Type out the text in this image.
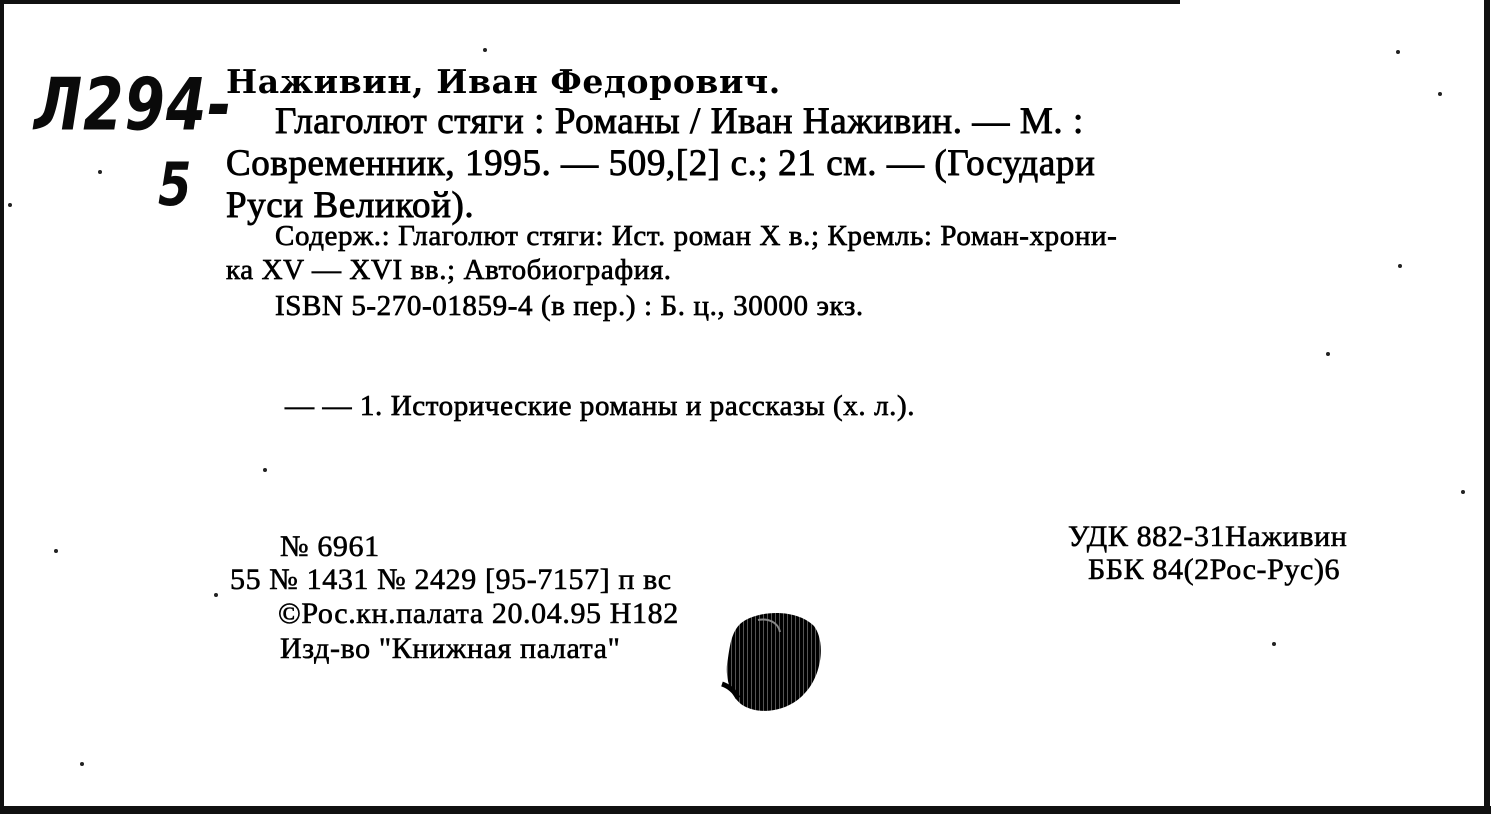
Л294-
5
Наживин, Иван Федорович.
Глаголют стяги : Романы / Иван Наживин. — М. :
Современник, 1995. — 509,[2] с.; 21 см. — (Государи
Руси Великой).
Содерж.: Глаголют стяги: Ист. роман X в.; Кремль: Роман-хрони-
ка XV — XVI вв.; Автобиография.
ISBN 5-270-01859-4 (в пер.) : Б. ц., 30000 экз.
— — 1. Исторические романы и рассказы (х. л.).
№ 6961
55 № 1431 № 2429 [95-7157] п вс
©Рос.кн.палата 20.04.95 Н182
Изд-во "Книжная палата"
УДК 882-31Наживин
ББК 84(2Рос-Рус)6
